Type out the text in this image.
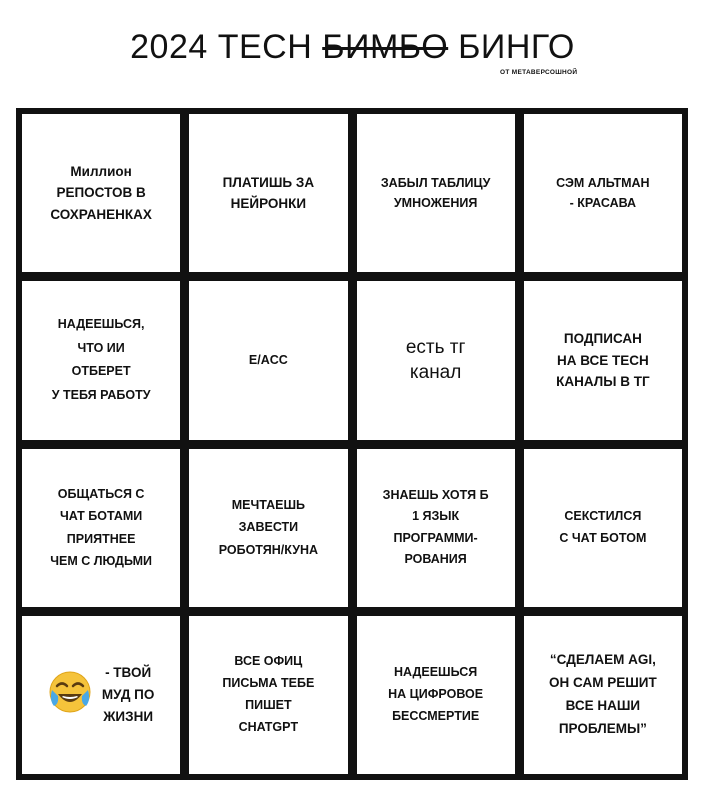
2024 ТЕСН БИМБО БИНГО
ОТ МЕТАВЕРСОШНОЙ
Миллион
РЕПОСТОВ В
СОХРАНЕНКАХ
ПЛАТИШЬ ЗА
НЕЙРОНКИ
ЗАБЫЛ ТАБЛИЦУ
УМНОЖЕНИЯ
СЭМ АЛЬТМАН
- КРАСАВА
НАДЕЕШЬСЯ,
ЧТО ИИ
ОТБЕРЕТ
У ТЕБЯ РАБОТУ
E/ACC
есть тг
канал
ПОДПИСАН
НА ВСЕ ТЕСН
КАНАЛЫ В ТГ
ОБЩАТЬСЯ С
ЧАТ БОТАМИ
ПРИЯТНЕЕ
ЧЕМ С ЛЮДЬМИ
МЕЧТАЕШЬ
ЗАВЕСТИ
РОБОТЯН/КУНА
ЗНАЕШЬ ХОТЯ Б
1 ЯЗЫК
ПРОГРАММИ-
РОВАНИЯ
СЕКСТИЛСЯ
С ЧАТ БОТОМ
- ТВОЙ
МУД ПО
ЖИЗНИ
ВСЕ ОФИЦ
ПИСЬМА ТЕБЕ
ПИШЕТ
CHATGPT
НАДЕЕШЬСЯ
НА ЦИФРОВОЕ
БЕССМЕРТИЕ
“СДЕЛАЕМ AGI,
ОН САМ РЕШИТ
ВСЕ НАШИ
ПРОБЛЕМЫ”
